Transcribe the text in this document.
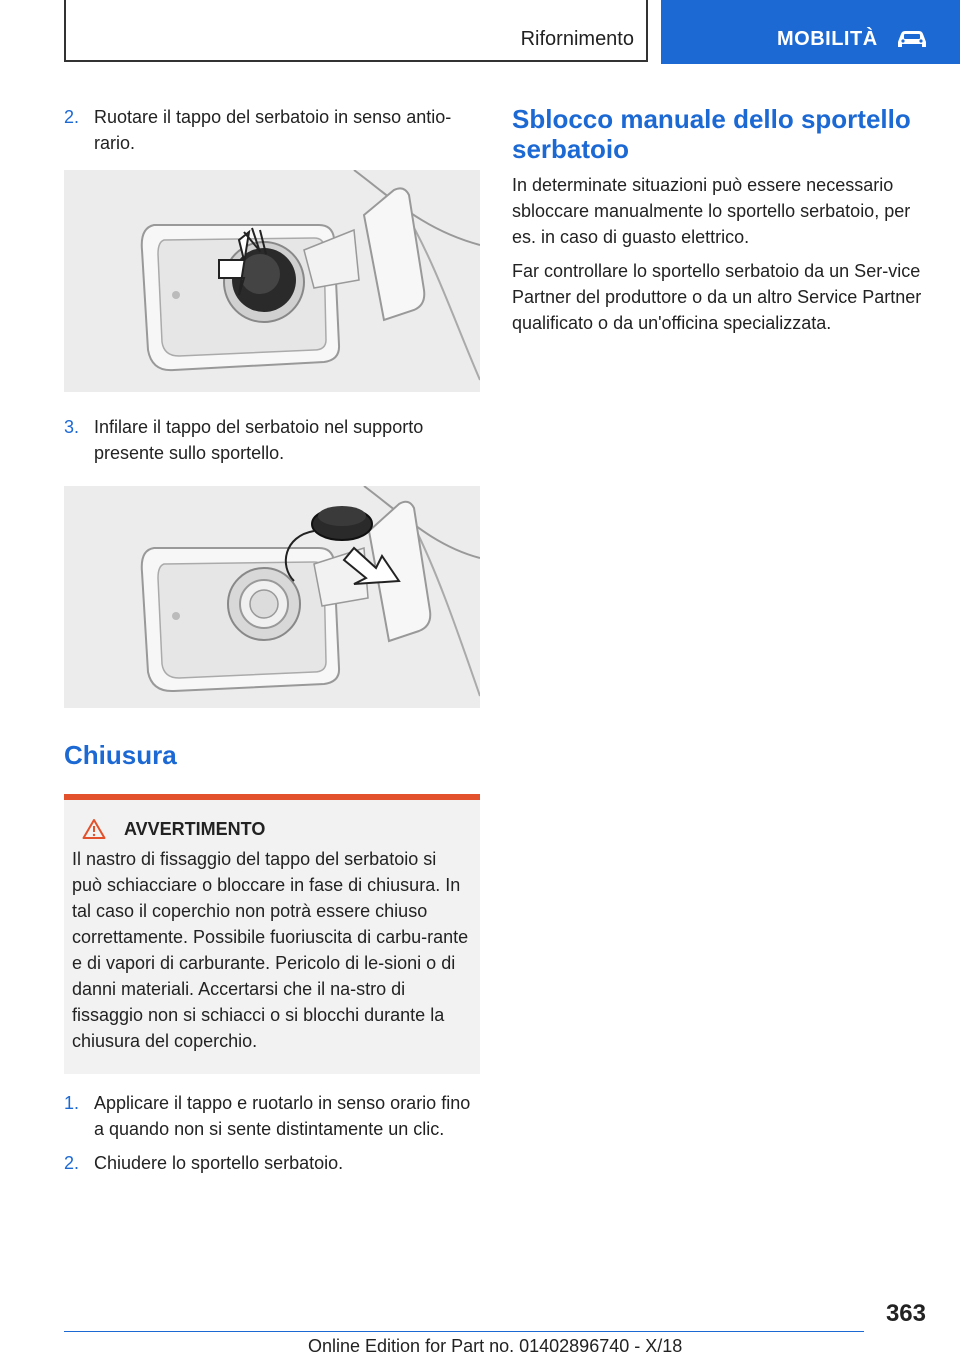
Rifornimento	MOBILITÀ
2. Ruotare il tappo del serbatoio in senso antio-rario.
3. Infilare il tappo del serbatoio nel supporto presente sullo sportello.
Chiusura
AVVERTIMENTO
Il nastro di fissaggio del tappo del serbatoio si può schiacciare o bloccare in fase di chiusura. In tal caso il coperchio non potrà essere chiuso correttamente. Possibile fuoriuscita di carbu-rante e di vapori di carburante. Pericolo di le-sioni o di danni materiali. Accertarsi che il na-stro di fissaggio non si schiacci o si blocchi durante la chiusura del coperchio.
1. Applicare il tappo e ruotarlo in senso orario fino a quando non si sente distintamente un clic.
2. Chiudere lo sportello serbatoio.
Sblocco manuale dello sportello serbatoio

In determinate situazioni può essere necessario sbloccare manualmente lo sportello serbatoio, per es. in caso di guasto elettrico.

Far controllare lo sportello serbatoio da un Ser-vice Partner del produttore o da un altro Service Partner qualificato o da un'officina specializzata.

363
Online Edition for Part no. 01402896740 - X/18
